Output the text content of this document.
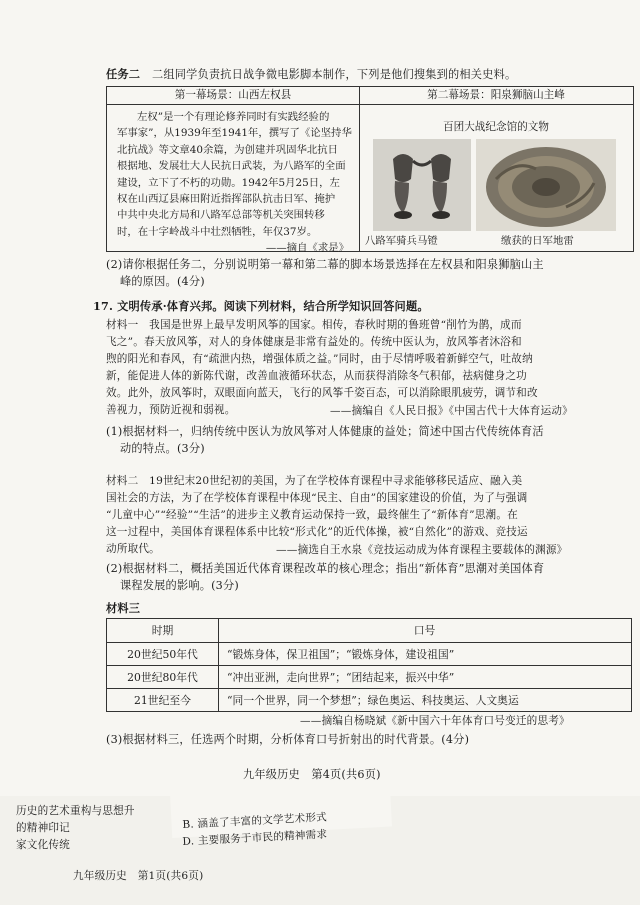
任务二 二组同学负责抗日战争微电影脚本制作，下列是他们搜集到的相关史料。
第一幕场景：山西左权县	第二幕场景：阳泉狮脑山主峰
左权”是一个有理论修养同时有实践经验的
军事家”，从1939年至1941年，撰写了《论坚持华
北抗战》等文章40余篇，为创建并巩固华北抗日
根据地、发展壮大人民抗日武装，为八路军的全面
建设，立下了不朽的功勋。1942年5月25日，左
权在山西辽县麻田附近指挥部队抗击日军、掩护
中共中央北方局和八路军总部等机关突围转移
时，在十字岭战斗中壮烈牺牲，年仅37岁。
——摘自《求是》
百团大战纪念馆的文物
八路军骑兵马镫	缴获的日军地雷
(2)请你根据任务二，分别说明第一幕和第二幕的脚本场景选择在左权县和阳泉狮脑山主
峰的原因。(4分)
17. 文明传承·体育兴邦。阅读下列材料，结合所学知识回答问题。
材料一　我国是世界上最早发明风筝的国家。相传，春秋时期的鲁班曾“削竹为鹊，成而
飞之”。春天放风筝，对人的身体健康是非常有益处的。传统中医认为，放风筝者沐浴和
煦的阳光和春风，有“疏泄内热，增强体质之益。”同时，由于尽情呼吸着新鲜空气，吐故纳
新，能促进人体的新陈代谢，改善血液循环状态，从而获得消除冬气积郁，祛病健身之功
效。此外，放风筝时，双眼面向蓝天，飞行的风筝千姿百态，可以消除眼肌疲劳，调节和改
善视力，预防近视和弱视。	——摘编自《人民日报》《中国古代十大体育运动》
(1)根据材料一，归纳传统中医认为放风筝对人体健康的益处；简述中国古代传统体育活
动的特点。(3分)
材料二　19世纪末20世纪初的美国，为了在学校体育课程中寻求能够移民适应、融入美
国社会的方法，为了在学校体育课程中体现“民主、自由”的国家建设的价值，为了与强调
“儿童中心”“经验”“生活”的进步主义教育运动保持一致，最终催生了“新体育”思潮。在
这一过程中，美国体育课程体系中比较“形式化”的近代体操，被“自然化”的游戏、竞技运
动所取代。	——摘选自王水泉《竞技运动成为体育课程主要载体的渊源》
(2)根据材料二，概括美国近代体育课程改革的核心理念；指出“新体育”思潮对美国体育
课程发展的影响。(3分)
材料三
时期	口号
20世纪50年代	“锻炼身体，保卫祖国”；“锻炼身体，建设祖国”
20世纪80年代	“冲出亚洲，走向世界”；“团结起来，振兴中华”
21世纪至今	“同一个世界，同一个梦想”；绿色奥运、科技奥运、人文奥运
——摘编自杨晓斌《新中国六十年体育口号变迁的思考》
(3)根据材料三，任选两个时期，分析体育口号折射出的时代背景。(4分)
九年级历史　第4页(共6页)
历史的艺术重构与思想升
的精神印记
家文化传统
B. 涵盖了丰富的文学艺术形式
D. 主要服务于市民的精神需求
九年级历史　第1页(共6页)
